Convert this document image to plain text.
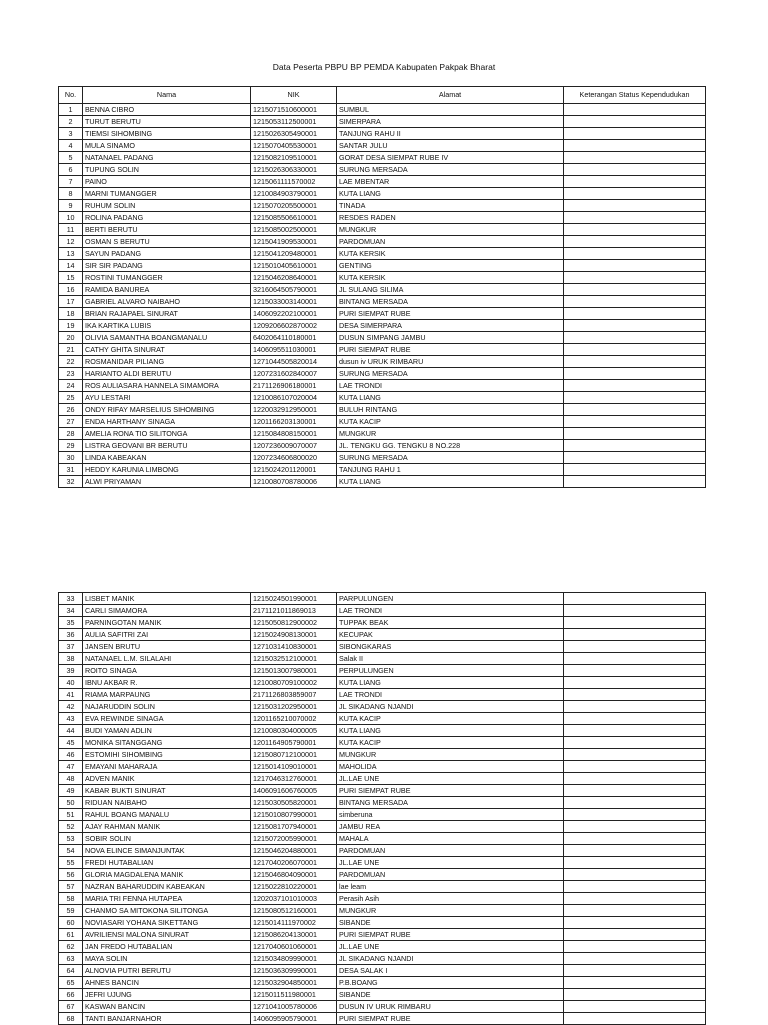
Data Peserta PBPU BP PEMDA Kabupaten Pakpak Bharat
No.	Nama	NIK	Alamat	Keterangan Status Kependudukan
1	BENNA CIBRO	1215071510600001	SUMBUL	
2	TURUT BERUTU	1215053112500001	SIMERPARA	
3	TIEMSI SIHOMBING	1215026305490001	TANJUNG RAHU II	
4	MULA SINAMO	1215070405530001	SANTAR JULU	
5	NATANAEL PADANG	1215082109510001	GORAT DESA SIEMPAT RUBE IV	
6	TUPUNG SOLIN	1215026306330001	SURUNG MERSADA	
7	PAINO	1215061111570002	LAE MBENTAR	
8	MARNI TUMANGGER	1210084903790001	KUTA LIANG	
9	RUHUM SOLIN	1215070205500001	TINADA	
10	ROLINA PADANG	1215085506610001	RESDES RADEN	
11	BERTI BERUTU	1215085002500001	MUNGKUR	
12	OSMAN S BERUTU	1215041909530001	PARDOMUAN	
13	SAYUN PADANG	1215041209480001	KUTA KERSIK	
14	SIR SIR PADANG	1215010405610001	GENTING	
15	ROSTINI TUMANGGER	1215046208640001	KUTA KERSIK	
16	RAMIDA BANUREA	3216064505790001	JL SULANG SILIMA	
17	GABRIEL ALVARO NAIBAHO	1215033003140001	BINTANG MERSADA	
18	BRIAN RAJAPAEL SINURAT	1406092202100001	PURI SIEMPAT RUBE	
19	IKA KARTIKA LUBIS	1209206602870002	DESA SIMERPARA	
20	OLIVIA SAMANTHA BOANGMANALU	6402064110180001	DUSUN SIMPANG JAMBU	
21	CATHY GHITA SINURAT	1406095511030001	PURI SIEMPAT RUBE	
22	ROSMANIDAR PILIANG	1271044505820014	dusun iv URUK RIMBARU	
23	HARIANTO ALDI BERUTU	1207231602840007	SURUNG MERSADA	
24	ROS AULIASARA HANNELA SIMAMORA	2171126906180001	LAE TRONDI	
25	AYU LESTARI	1210086107020004	KUTA LIANG	
26	ONDY RIFAY MARSELIUS SIHOMBING	1220032912950001	BULUH RINTANG	
27	ENDA HARTHANY SINAGA	1201166203130001	KUTA KACIP	
28	AMELIA RONA TIO SILITONGA	1215084808150001	MUNGKUR	
29	LISTRA GEOVANI BR BERUTU	1207236009070007	JL. TENGKU GG. TENGKU 8 NO.228	
30	LINDA KABEAKAN	1207234606800020	SURUNG MERSADA	
31	HEDDY KARUNIA LIMBONG	1215024201120001	TANJUNG RAHU 1	
32	ALWI PRIYAMAN	1210080708780006	KUTA LIANG	
33	LISBET MANIK	1215024501990001	PARPULUNGEN	
34	CARLI SIMAMORA	2171121011869013	LAE TRONDI	
35	PARNINGOTAN MANIK	1215050812900002	TUPPAK BEAK	
36	AULIA SAFITRI ZAI	1215024908130001	KECUPAK	
37	JANSEN BRUTU	1271031410830001	SIBONGKARAS	
38	NATANAEL L.M. SILALAHI	1215032512100001	Salak II	
39	ROITO SINAGA	1215013007980001	PERPULUNGEN	
40	IBNU AKBAR R.	1210080709100002	KUTA LIANG	
41	RIAMA MARPAUNG	2171126803859007	LAE TRONDI	
42	NAJARUDDIN SOLIN	1215031202950001	JL SIKADANG NJANDI	
43	EVA REWINDE SINAGA	1201165210070002	KUTA KACIP	
44	BUDI YAMAN ADLIN	1210080304000005	KUTA LIANG	
45	MONIKA SITANGGANG	1201164905790001	KUTA KACIP	
46	ESTOMIHI SIHOMBING	1215080712100001	MUNGKUR	
47	EMAYANI MAHARAJA	1215014109010001	MAHOLIDA	
48	ADVEN MANIK	1217046312760001	JL.LAE UNE	
49	KABAR BUKTI SINURAT	1406091606760005	PURI SIEMPAT RUBE	
50	RIDUAN NAIBAHO	1215030505820001	BINTANG MERSADA	
51	RAHUL BOANG MANALU	1215010807990001	simberuna	
52	AJAY RAHMAN MANIK	1215081707940001	JAMBU REA	
53	SOBIR SOLIN	1215072005990001	MAHALA	
54	NOVA ELINCE SIMANJUNTAK	1215046204880001	PARDOMUAN	
55	FREDI HUTABALIAN	1217040206070001	JL.LAE UNE	
56	GLORIA MAGDALENA MANIK	1215046804090001	PARDOMUAN	
57	NAZRAN BAHARUDDIN KABEAKAN	1215022810220001	lae leam	
58	MARIA TRI FENNA HUTAPEA	1202037101010003	Perasih Asih	
59	CHANMO SA MITOKONA SILITONGA	1215080512160001	MUNGKUR	
60	NOVIASARI YOHANA SIKETTANG	1215014111970002	SIBANDE	
61	AVRILIENSI MALONA SINURAT	1215086204130001	PURI SIEMPAT RUBE	
62	JAN FREDO HUTABALIAN	1217040601060001	JL.LAE UNE	
63	MAYA SOLIN	1215034809990001	JL SIKADANG NJANDI	
64	ALNOVIA PUTRI BERUTU	1215036309990001	DESA SALAK I	
65	AHNES BANCIN	1215032904850001	P.B.BOANG	
66	JEFRI UJUNG	1215011511980001	SIBANDE	
67	KASWAN BANCIN	1271041005780006	DUSUN IV URUK RIMBARU	
68	TANTI BANJARNAHOR	1406095905790001	PURI SIEMPAT RUBE	
